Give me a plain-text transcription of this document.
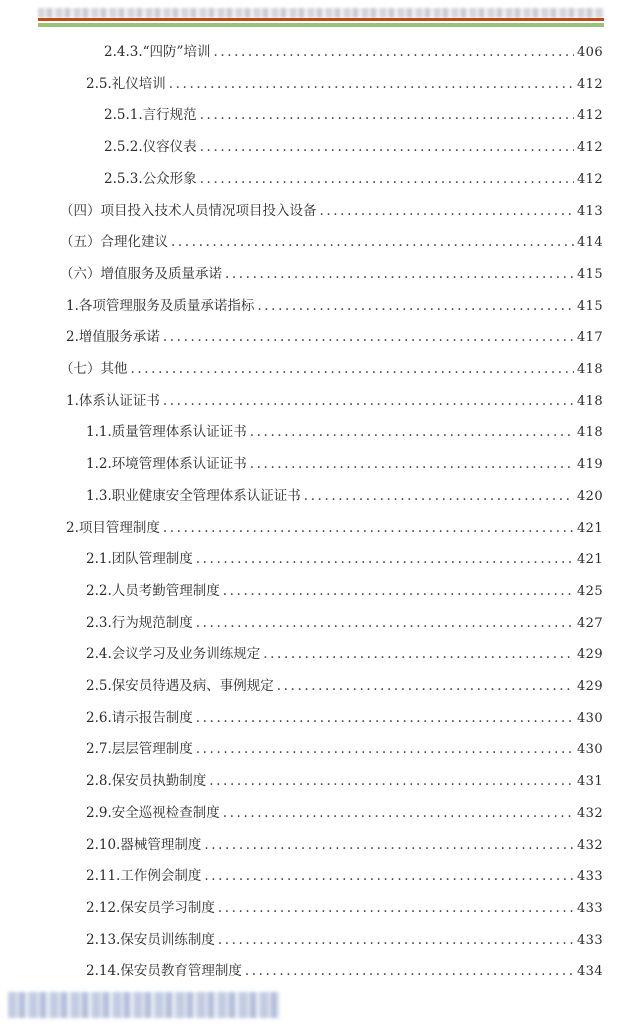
2.4.3.“四防”培训 .....	406
2.5.礼仪培训 .....	412
2.5.1.言行规范 .....	412
2.5.2.仪容仪表 .....	412
2.5.3.公众形象 .....	412
（四）项目投入技术人员情况项目投入设备 .....	413
（五）合理化建议 .....	414
（六）增值服务及质量承诺 .....	415
1.各项管理服务及质量承诺指标 .....	415
2.增值服务承诺 .....	417
（七）其他 .....	418
1.体系认证证书 .....	418
1.1.质量管理体系认证证书 .....	418
1.2.环境管理体系认证证书 .....	419
1.3.职业健康安全管理体系认证证书 .....	420
2.项目管理制度 .....	421
2.1.团队管理制度 .....	421
2.2.人员考勤管理制度 .....	425
2.3.行为规范制度 .....	427
2.4.会议学习及业务训练规定 .....	429
2.5.保安员待遇及病、事例规定 .....	429
2.6.请示报告制度 .....	430
2.7.层层管理制度 .....	430
2.8.保安员执勤制度 .....	431
2.9.安全巡视检查制度 .....	432
2.10.器械管理制度 .....	432
2.11.工作例会制度 .....	433
2.12.保安员学习制度 .....	433
2.13.保安员训练制度 .....	433
2.14.保安员教育管理制度 .....	434
